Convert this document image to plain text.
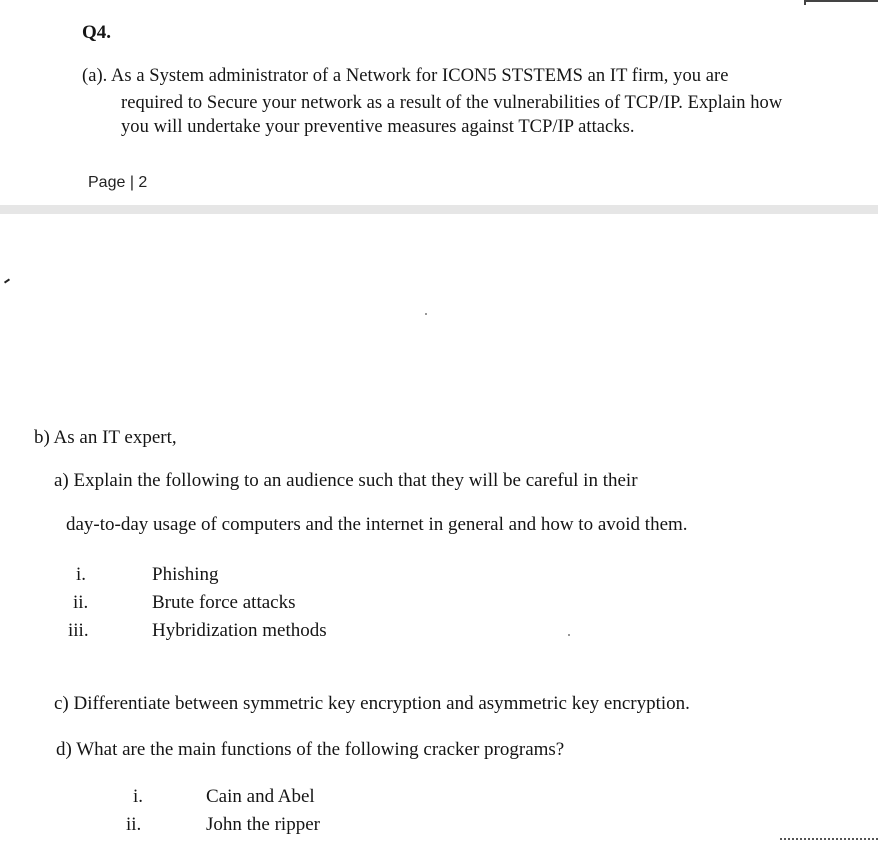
Q4.
(a). As a System administrator of a Network for ICON5 STSTEMS an IT firm, you are
required to Secure your network as a result of the vulnerabilities of TCP/IP. Explain how
you will undertake your preventive measures against TCP/IP attacks.
Page | 2
b) As an IT expert,
a) Explain the following to an audience such that they will be careful in their
day-to-day usage of computers and the internet in general and how to avoid them.
i.	Phishing
ii.	Brute force attacks
iii.	Hybridization methods
c) Differentiate between symmetric key encryption and asymmetric key encryption.
d) What are the main functions of the following cracker programs?
i.	Cain and Abel
ii.	John the ripper
